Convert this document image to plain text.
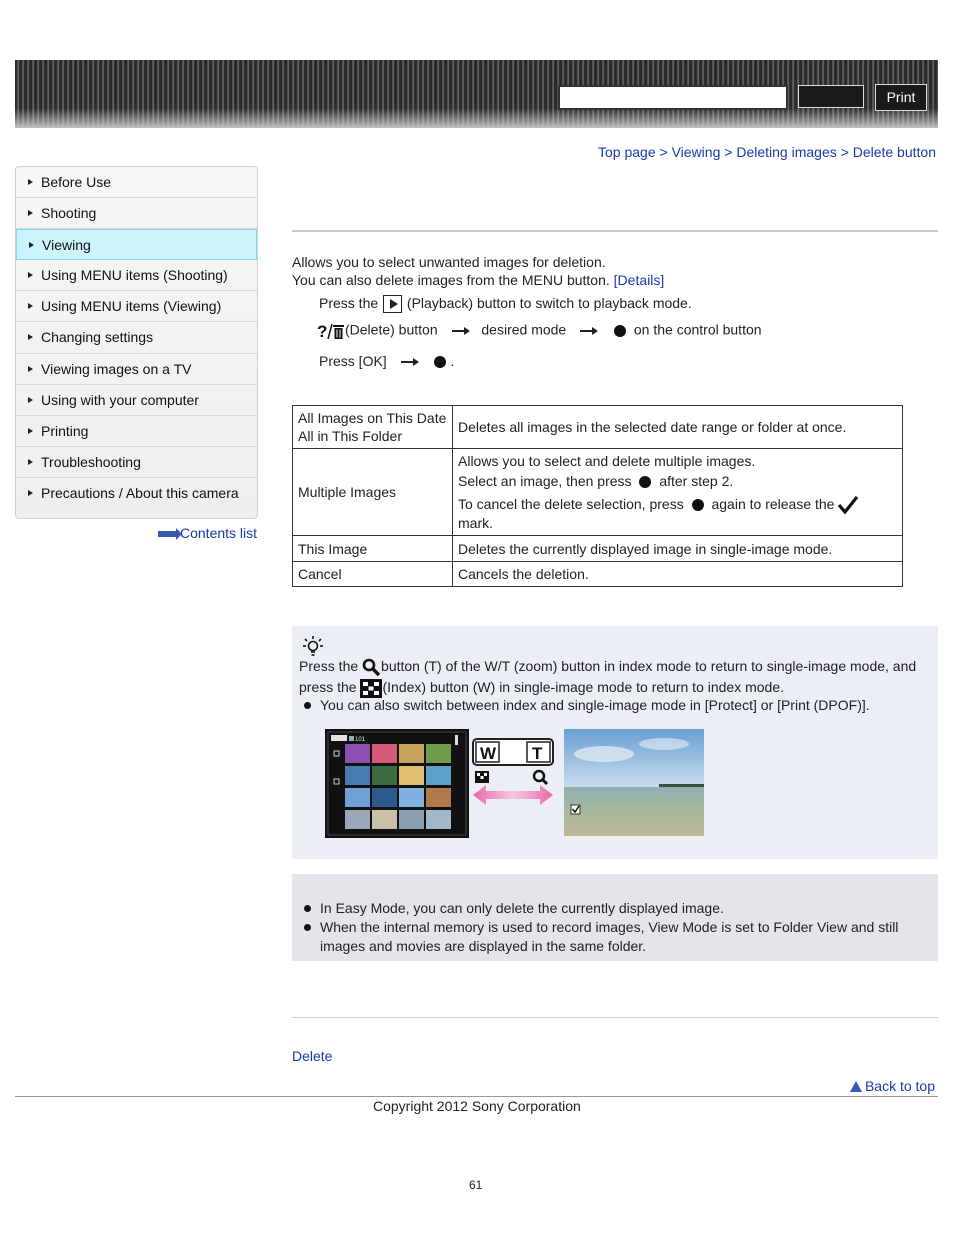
Print
Top page > Viewing > Deleting images > Delete button
Before Use
Shooting
Viewing
Using MENU items (Shooting)
Using MENU items (Viewing)
Changing settings
Viewing images on a TV
Using with your computer
Printing
Troubleshooting
Precautions / About this camera
Contents list
Allows you to select unwanted images for deletion.
You can also delete images from the MENU button. [Details]
Press the (Playback) button to switch to playback mode.
? (Delete) button	desired mode	on the control button
Press [OK]	.
All Images on This Date
All in This Folder	Deletes all images in the selected date range or folder at once.
Multiple Images	Allows you to select and delete multiple images.
Select an image, then press after step 2.
To cancel the delete selection, press again to release the  mark.

This Image	Deletes the currently displayed image in single-image mode.
Cancel	Cancels the deletion.
Press the button (T) of the W/T (zoom) button in index mode to return to single-image mode, and
press the (Index) button (W) in single-image mode to return to index mode.
You can also switch between index and single-image mode in [Protect] or [Print (DPOF)].
101
W T
In Easy Mode, you can only delete the currently displayed image.
When the internal memory is used to record images, View Mode is set to Folder View and still images and movies are displayed in the same folder.
Delete
Back to top
Copyright 2012 Sony Corporation
61
